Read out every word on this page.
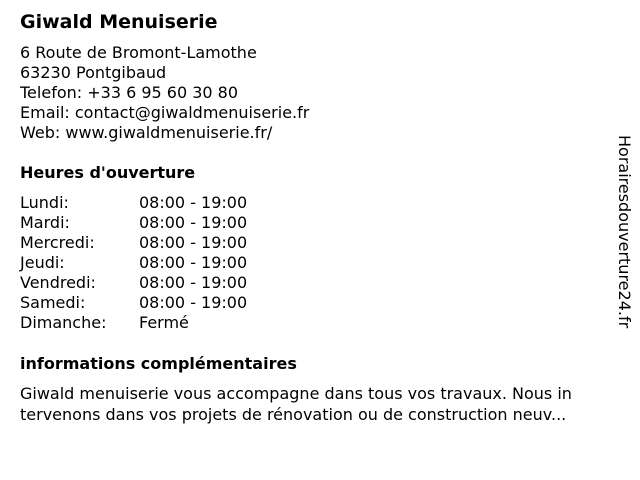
Giwald Menuiserie
6 Route de Bromont-Lamothe
63230 Pontgibaud
Telefon: +33 6 95 60 30 80
Email: contact@giwaldmenuiserie.fr
Web: www.giwaldmenuiserie.fr/
Heures d'ouverture
Lundi:	08:00 - 19:00
Mardi:	08:00 - 19:00
Mercredi:	08:00 - 19:00
Jeudi:	08:00 - 19:00
Vendredi:	08:00 - 19:00
Samedi:	08:00 - 19:00
Dimanche: Fermé
informations complémentaires
Giwald menuiserie vous accompagne dans tous vos travaux. Nous in
tervenons dans vos projets de rénovation ou de construction neuv...
Horairesdouverture24.fr
